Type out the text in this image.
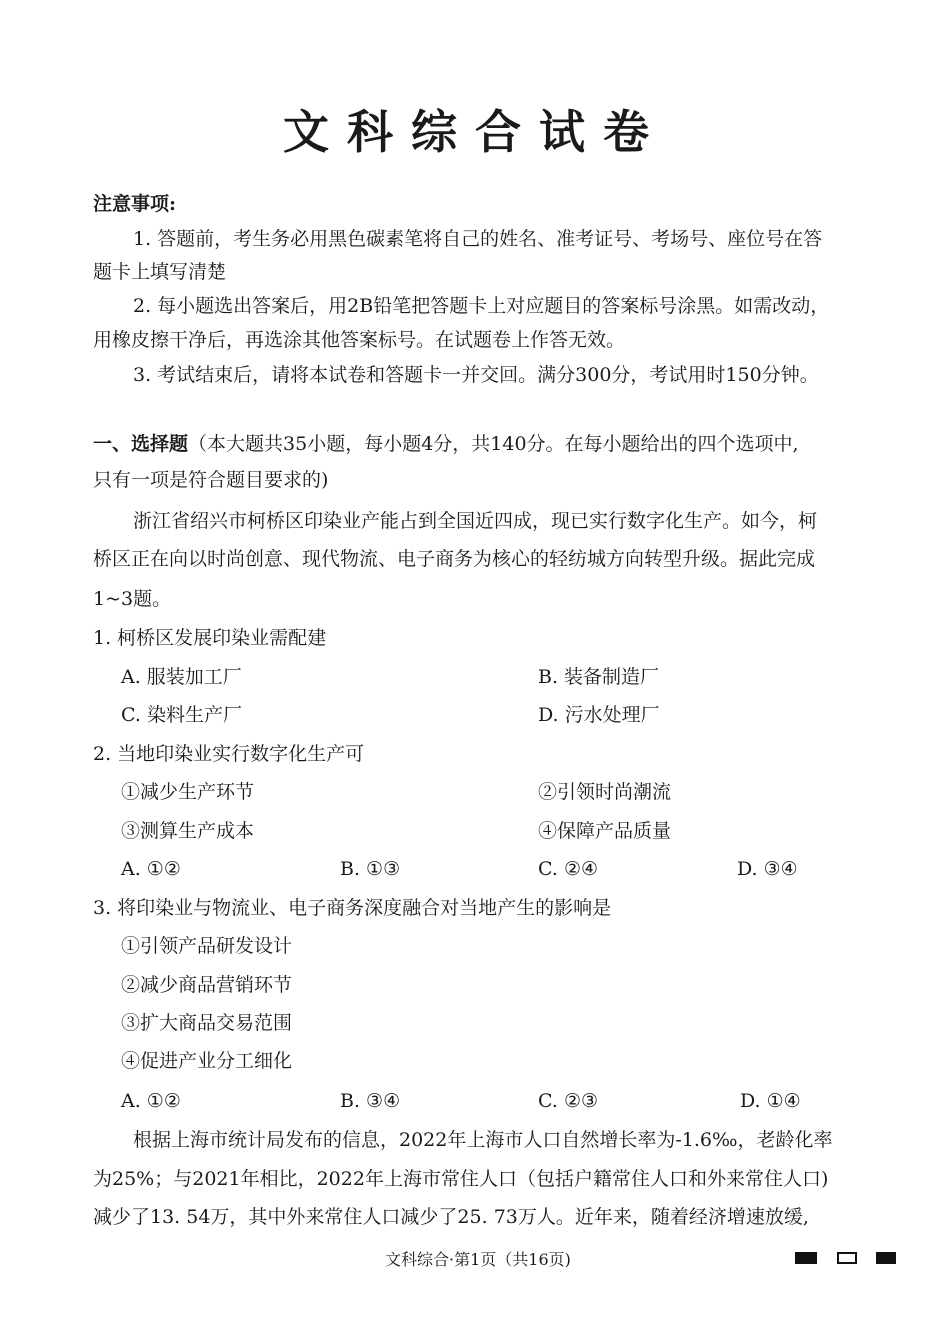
文科综合试卷
注意事项:
1. 答题前，考生务必用黑色碳素笔将自己的姓名、准考证号、考场号、座位号在答
题卡上填写清楚
2. 每小题选出答案后，用2B铅笔把答题卡上对应题目的答案标号涂黑。如需改动，
用橡皮擦干净后，再选涂其他答案标号。在试题卷上作答无效。
3. 考试结束后，请将本试卷和答题卡一并交回。满分300分，考试用时150分钟。
一、选择题（本大题共35小题，每小题4分，共140分。在每小题给出的四个选项中,
只有一项是符合题目要求的)
浙江省绍兴市柯桥区印染业产能占到全国近四成，现已实行数字化生产。如今，柯
桥区正在向以时尚创意、现代物流、电子商务为核心的轻纺城方向转型升级。据此完成
1~3题。
1. 柯桥区发展印染业需配建
A. 服装加工厂	B. 装备制造厂
C. 染料生产厂	D. 污水处理厂
2. 当地印染业实行数字化生产可
①减少生产环节	②引领时尚潮流
③测算生产成本	④保障产品质量
A. ①②	B. ①③	C. ②④	D. ③④
3. 将印染业与物流业、电子商务深度融合对当地产生的影响是
①引领产品研发设计
②减少商品营销环节
③扩大商品交易范围
④促进产业分工细化
A. ①②	B. ③④	C. ②③	D. ①④
根据上海市统计局发布的信息，2022年上海市人口自然增长率为-1.6‰，老龄化率
为25%；与2021年相比，2022年上海市常住人口（包括户籍常住人口和外来常住人口)
减少了13. 54万，其中外来常住人口减少了25. 73万人。近年来，随着经济增速放缓,
文科综合·第1页（共16页)
